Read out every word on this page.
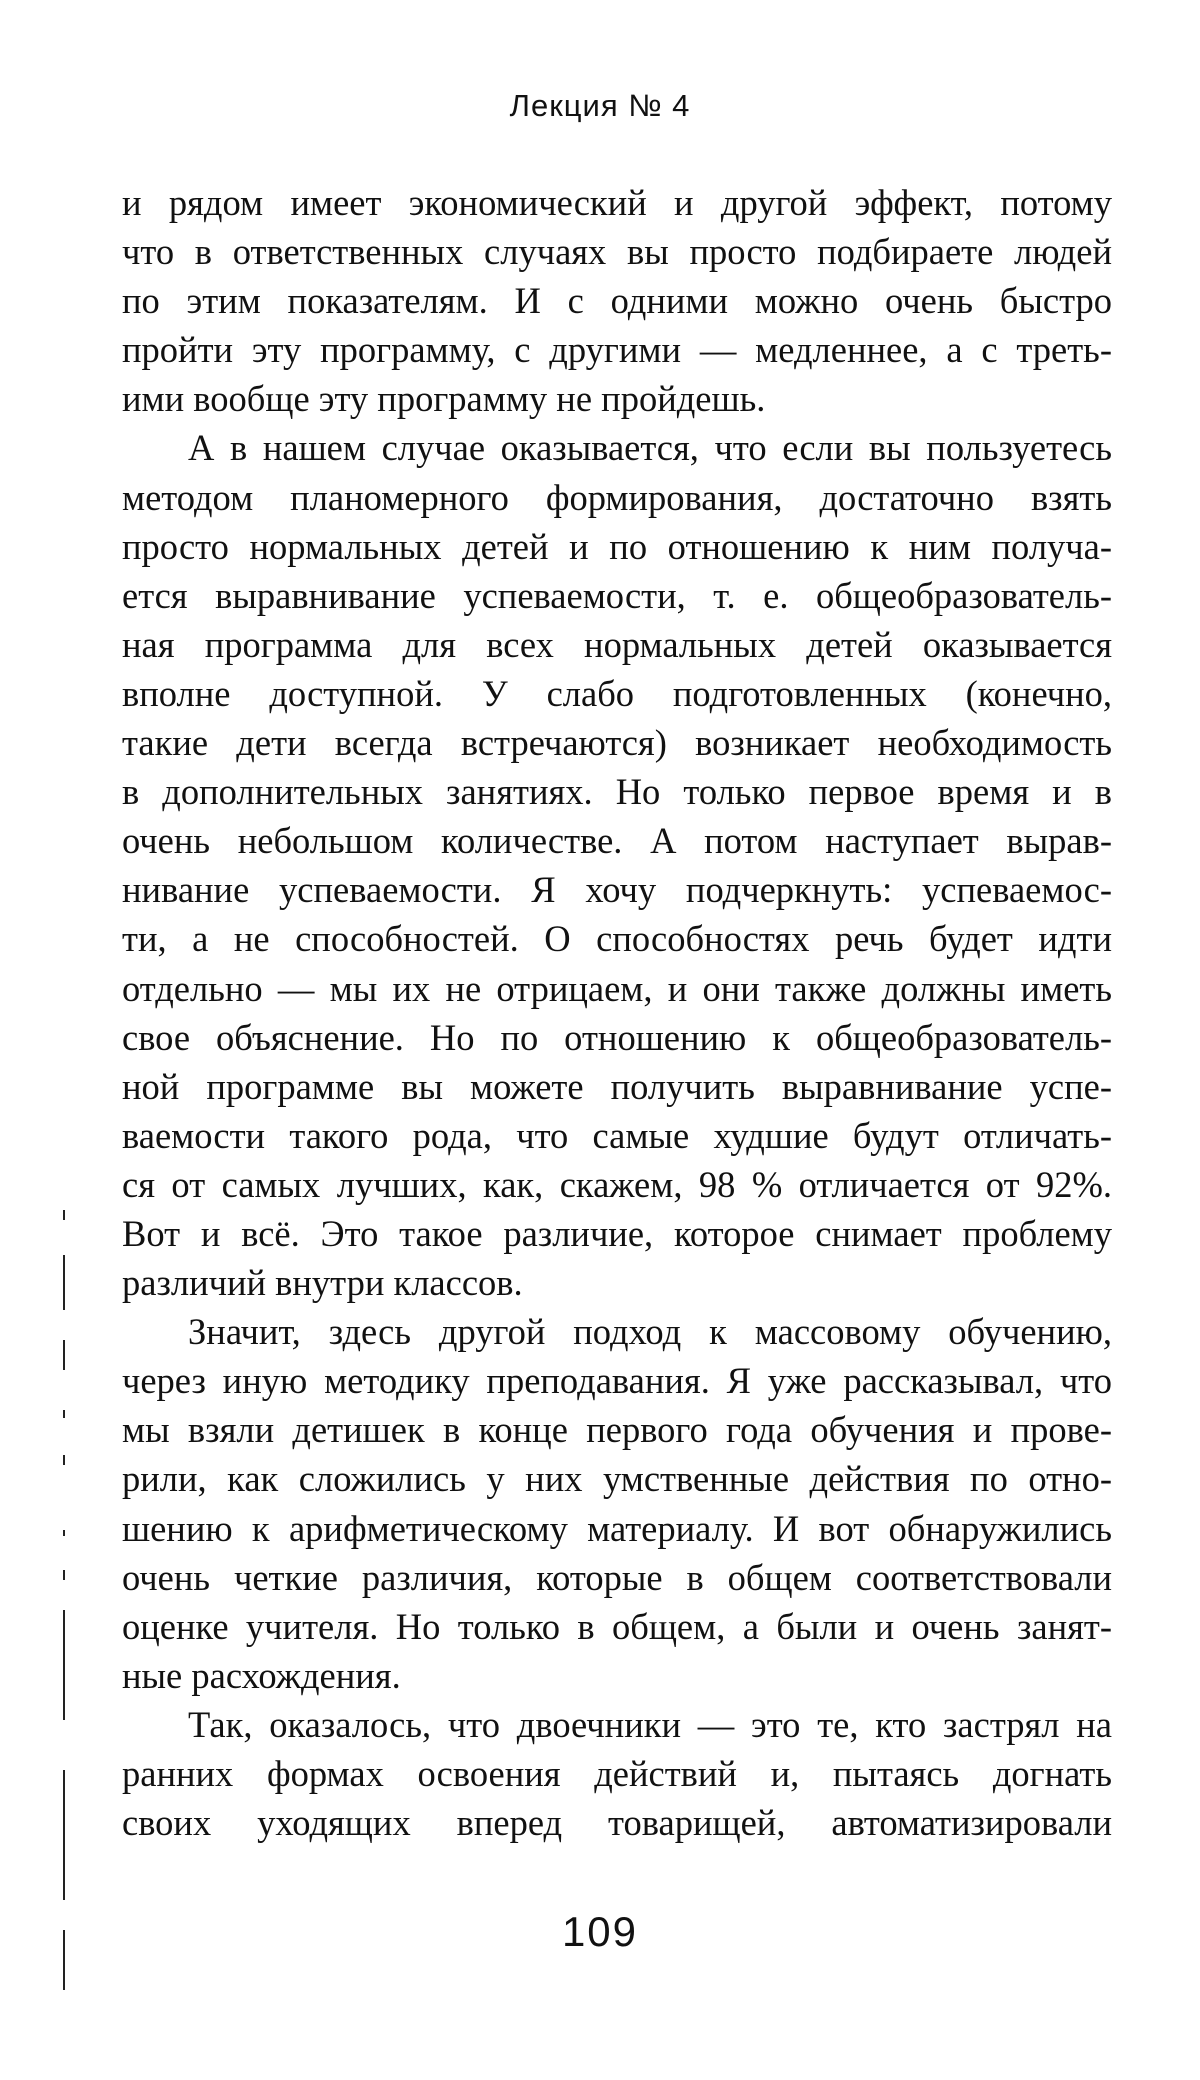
Лекция № 4

и рядом имеет экономический и другой эффект, потому
что в ответственных случаях вы просто подбираете людей
по этим показателям. И с одними можно очень быстро
пройти эту программу, с другими — медленнее, а с треть-
ими вообще эту программу не пройдешь.

А в нашем случае оказывается, что если вы пользуетесь
методом планомерного формирования, достаточно взять
просто нормальных детей и по отношению к ним получа-
ется выравнивание успеваемости, т. е. общеобразователь-
ная программа для всех нормальных детей оказывается
вполне доступной. У слабо подготовленных (конечно,
такие дети всегда встречаются) возникает необходимость
в дополнительных занятиях. Но только первое время и в
очень небольшом количестве. А потом наступает вырав-
нивание успеваемости. Я хочу подчеркнуть: успеваемос-
ти, а не способностей. О способностях речь будет идти
отдельно — мы их не отрицаем, и они также должны иметь
свое объяснение. Но по отношению к общеобразователь-
ной программе вы можете получить выравнивание успе-
ваемости такого рода, что самые худшие будут отличать-
ся от самых лучших, как, скажем, 98 % отличается от 92%.
Вот и всё. Это такое различие, которое снимает проблему
различий внутри классов.

Значит, здесь другой подход к массовому обучению,
через иную методику преподавания. Я уже рассказывал, что
мы взяли детишек в конце первого года обучения и прове-
рили, как сложились у них умственные действия по отно-
шению к арифметическому материалу. И вот обнаружились
очень четкие различия, которые в общем соответствовали
оценке учителя. Но только в общем, а были и очень занят-
ные расхождения.

Так, оказалось, что двоечники — это те, кто застрял на
ранних формах освоения действий и, пытаясь догнать
своих уходящих вперед товарищей, автоматизировали

109
